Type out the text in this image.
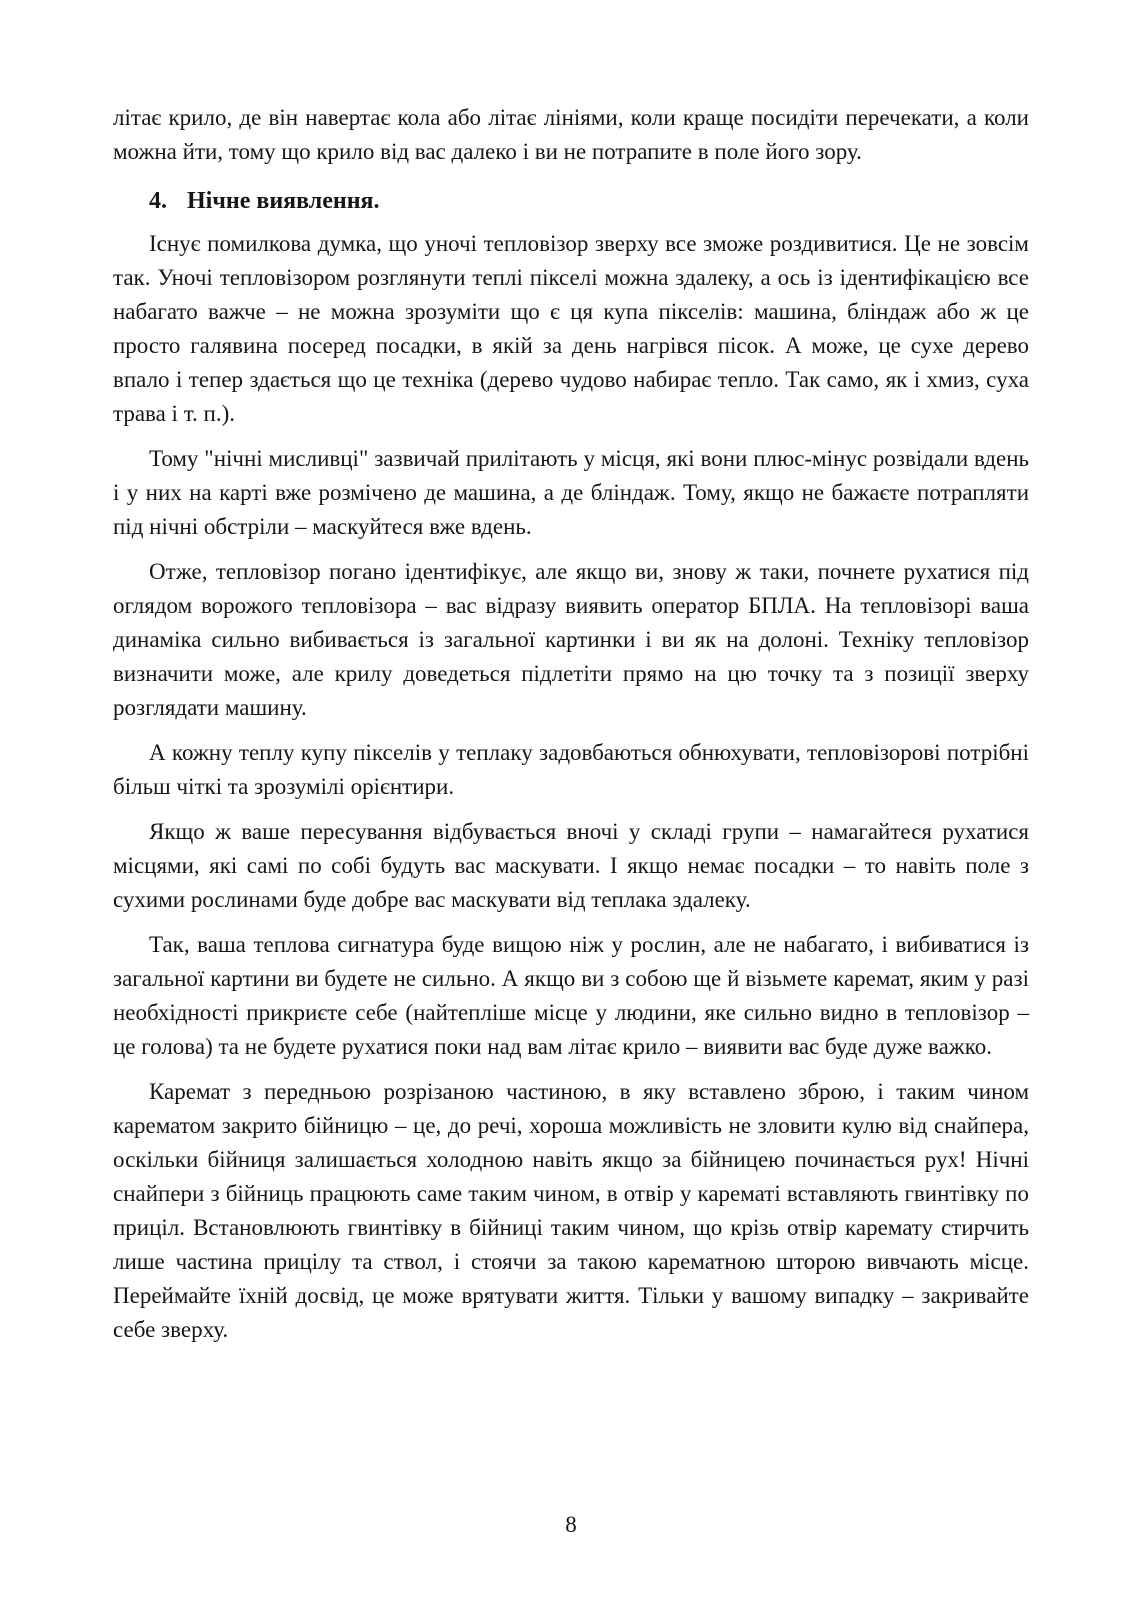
літає крило, де він навертає кола або літає лініями, коли краще посидіти перечекати, а коли можна йти, тому що крило від вас далеко і ви не потрапите в поле його зору.

4. Нічне виявлення.

Існує помилкова думка, що уночі тепловізор зверху все зможе роздивитися. Це не зовсім так. Уночі тепловізором розглянути теплі пікселі можна здалеку, а ось із ідентифікацією все набагато важче – не можна зрозуміти що є ця купа пікселів: машина, бліндаж або ж це просто галявина посеред посадки, в якій за день нагрівся пісок. А може, це сухе дерево впало і тепер здається що це техніка (дерево чудово набирає тепло. Так само, як і хмиз, суха трава і т. п.).

Тому "нічні мисливці" зазвичай прилітають у місця, які вони плюс-мінус розвідали вдень і у них на карті вже розмічено де машина, а де бліндаж. Тому, якщо не бажаєте потрапляти під нічні обстріли – маскуйтеся вже вдень.

Отже, тепловізор погано ідентифікує, але якщо ви, знову ж таки, почнете рухатися під оглядом ворожого тепловізора – вас відразу виявить оператор БПЛА. На тепловізорі ваша динаміка сильно вибивається із загальної картинки і ви як на долоні. Техніку тепловізор визначити може, але крилу доведеться підлетіти прямо на цю точку та з позиції зверху розглядати машину.

А кожну теплу купу пікселів у теплаку задовбаються обнюхувати, тепловізорові потрібні більш чіткі та зрозумілі орієнтири.

Якщо ж ваше пересування відбувається вночі у складі групи – намагайтеся рухатися місцями, які самі по собі будуть вас маскувати. І якщо немає посадки – то навіть поле з сухими рослинами буде добре вас маскувати від теплака здалеку.

Так, ваша теплова сигнатура буде вищою ніж у рослин, але не набагато, і вибиватися із загальної картини ви будете не сильно. А якщо ви з собою ще й візьмете каремат, яким у разі необхідності прикриєте себе (найтепліше місце у людини, яке сильно видно в тепловізор – це голова) та не будете рухатися поки над вам літає крило – виявити вас буде дуже важко.

Каремат з передньою розрізаною частиною, в яку вставлено зброю, і таким чином карематом закрито бійницю – це, до речі, хороша можливість не зловити кулю від снайпера, оскільки бійниця залишається холодною навіть якщо за бійницею починається рух! Нічні снайпери з бійниць працюють саме таким чином, в отвір у карематі вставляють гвинтівку по приціл. Встановлюють гвинтівку в бійниці таким чином, що крізь отвір каремату стирчить лише частина прицілу та ствол, і стоячи за такою карематною шторою вивчають місце. Переймайте їхній досвід, це може врятувати життя. Тільки у вашому випадку – закривайте себе зверху.

8
